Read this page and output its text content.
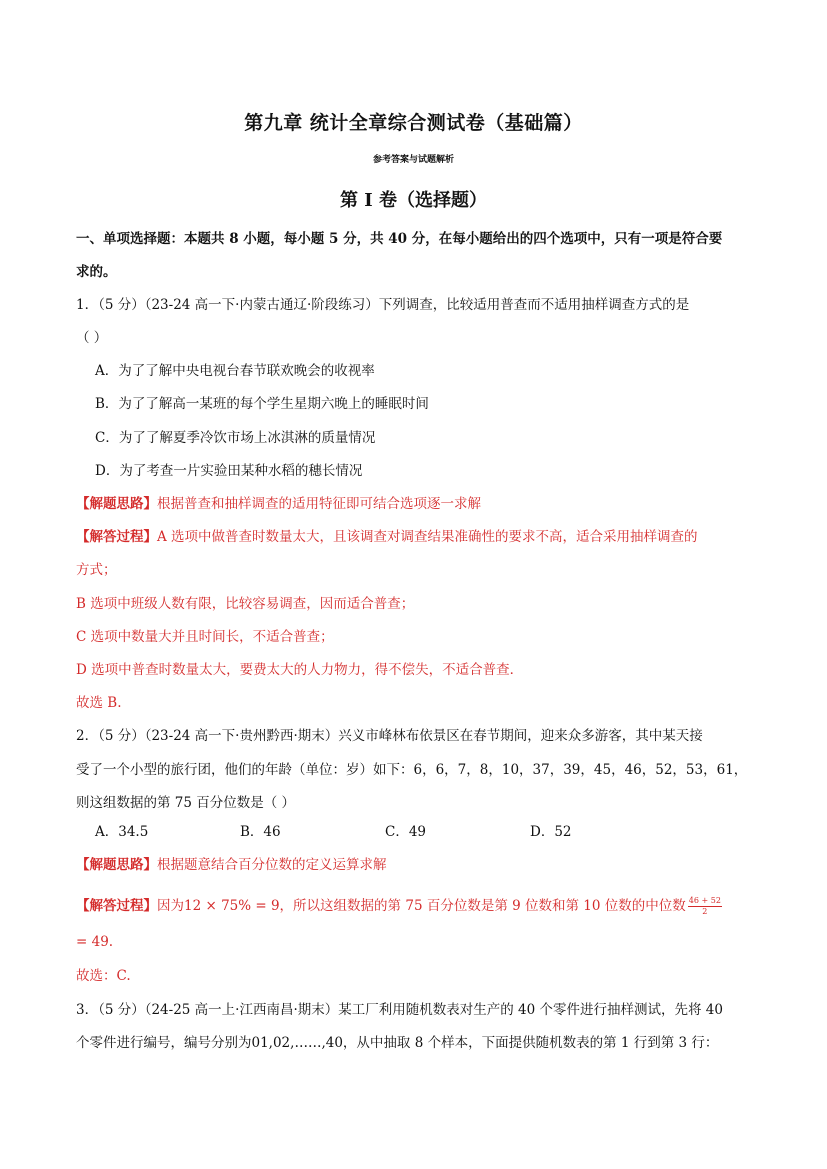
第九章 统计全章综合测试卷（基础篇）
参考答案与试题解析
第 I 卷（选择题）
一、单项选择题：本题共 8 小题，每小题 5 分，共 40 分，在每小题给出的四个选项中，只有一项是符合要
求的。
1．（5 分）（23-24 高一下·内蒙古通辽·阶段练习）下列调查，比较适用普查而不适用抽样调查方式的是
（ ）
A．为了了解中央电视台春节联欢晚会的收视率
B．为了了解高一某班的每个学生星期六晚上的睡眠时间
C．为了了解夏季冷饮市场上冰淇淋的质量情况
D．为了考查一片实验田某种水稻的穗长情况
【解题思路】根据普查和抽样调查的适用特征即可结合选项逐一求解
【解答过程】A 选项中做普查时数量太大，且该调查对调查结果准确性的要求不高，适合采用抽样调查的
方式；
B 选项中班级人数有限，比较容易调查，因而适合普查；
C 选项中数量大并且时间长，不适合普查；
D 选项中普查时数量太大，要费太大的人力物力，得不偿失，不适合普查．
故选 B.
2．（5 分）（23-24 高一下·贵州黔西·期末）兴义市峰林布依景区在春节期间，迎来众多游客，其中某天接
受了一个小型的旅行团，他们的年龄（单位：岁）如下：6，6，7，8，10，37，39，45，46，52，53，61，
则这组数据的第 75 百分位数是（ ）
A．34.5	B．46	C．49	D．52
【解题思路】根据题意结合百分位数的定义运算求解
【解答过程】因为12 × 75% = 9，所以这组数据的第 75 百分位数是第 9 位数和第 10 位数的中位数 $\frac{46 + 52}{2}$
= 49.
故选：C.
3．（5 分）（24-25 高一上·江西南昌·期末）某工厂利用随机数表对生产的 40 个零件进行抽样测试，先将 40
个零件进行编号，编号分别为01,02,……,40，从中抽取 8 个样本，下面提供随机数表的第 1 行到第 3 行：
